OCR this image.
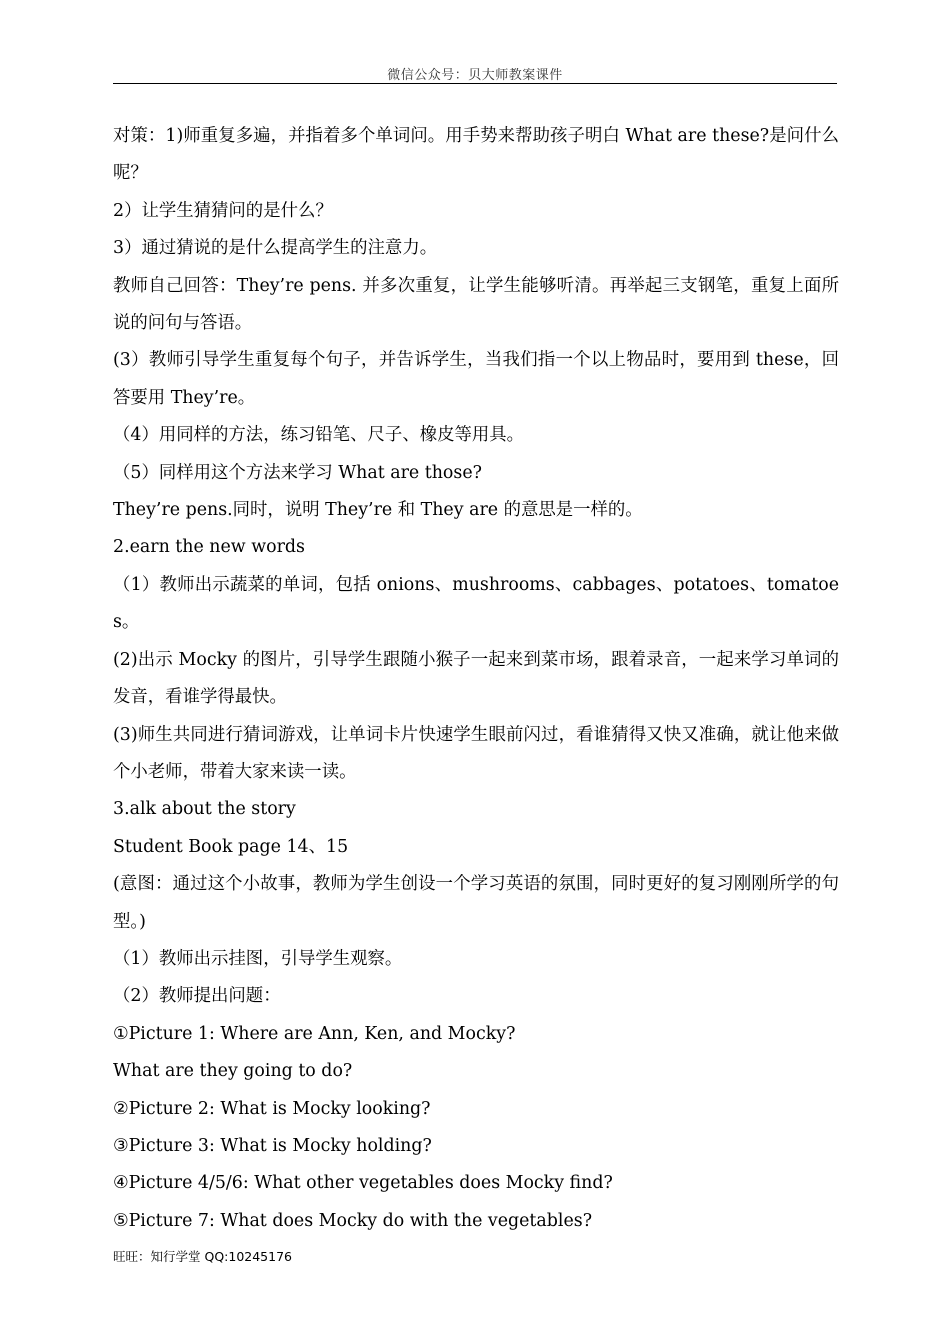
微信公众号：贝大师教案课件

对策：1)师重复多遍，并指着多个单词问。用手势来帮助孩子明白 What are these?是问什么呢？

2）让学生猜猜问的是什么？

3）通过猜说的是什么提高学生的注意力。

教师自己回答：They’re pens. 并多次重复，让学生能够听清。再举起三支钢笔，重复上面所说的问句与答语。

(3）教师引导学生重复每个句子，并告诉学生，当我们指一个以上物品时，要用到 these，回答要用 They’re。

（4）用同样的方法，练习铅笔、尺子、橡皮等用具。

（5）同样用这个方法来学习 What are those?

They’re pens.同时，说明 They’re 和 They are 的意思是一样的。

2.earn the new words

（1）教师出示蔬菜的单词，包括 onions、mushrooms、cabbages、potatoes、tomatoes。

(2)出示 Mocky 的图片，引导学生跟随小猴子一起来到菜市场，跟着录音，一起来学习单词的发音，看谁学得最快。

(3)师生共同进行猜词游戏，让单词卡片快速学生眼前闪过，看谁猜得又快又准确，就让他来做个小老师，带着大家来读一读。

3.alk about the story

Student Book page 14、15

(意图：通过这个小故事，教师为学生创设一个学习英语的氛围，同时更好的复习刚刚所学的句型。)

（1）教师出示挂图，引导学生观察。

（2）教师提出问题：

①Picture 1: Where are Ann, Ken, and Mocky?

What are they going to do?

②Picture 2: What is Mocky looking?

③Picture 3: What is Mocky holding?

④Picture 4/5/6: What other vegetables does Mocky find?

⑤Picture 7: What does Mocky do with the vegetables?

旺旺：知行学堂 QQ:10245176
